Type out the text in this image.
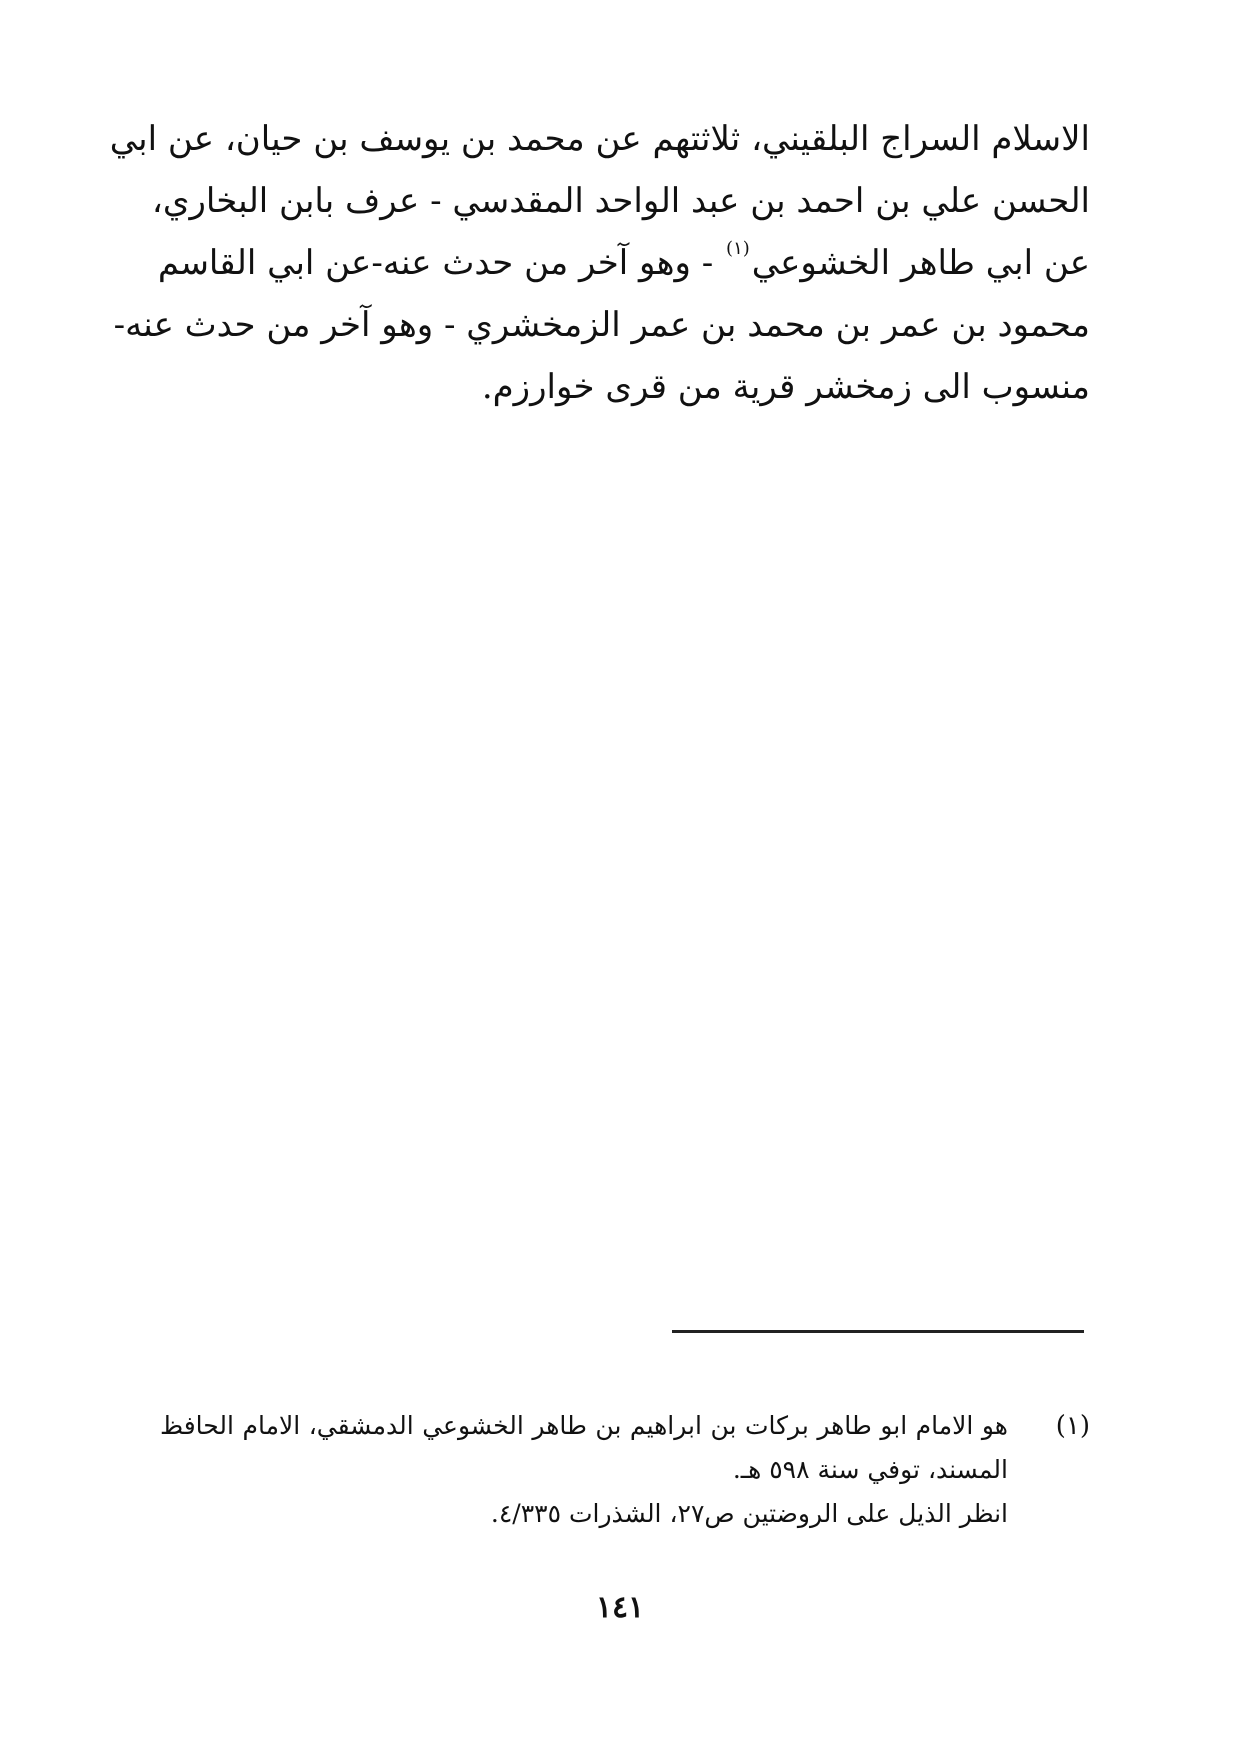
الاسلام السراج البلقيني، ثلاثتهم عن محمد بن يوسف بن حيان، عن ابي
الحسن علي بن احمد بن عبد الواحد المقدسي - عرف بابن البخاري،
عن ابي طاهر الخشوعي$^{(١)}$ - وهو آخر من حدث عنه-عن ابي القاسم
محمود بن عمر بن محمد بن عمر الزمخشري - وهو آخر من حدث عنه-
منسوب الى زمخشر قرية من قرى خوارزم.
(١)
هو الامام ابو طاهر بركات بن ابراهيم بن طاهر الخشوعي الدمشقي، الامام الحافظ
المسند، توفي سنة ٥٩٨ هـ.
انظر الذيل على الروضتين ص٢٧، الشذرات ٤/٣٣٥.
١٤١
